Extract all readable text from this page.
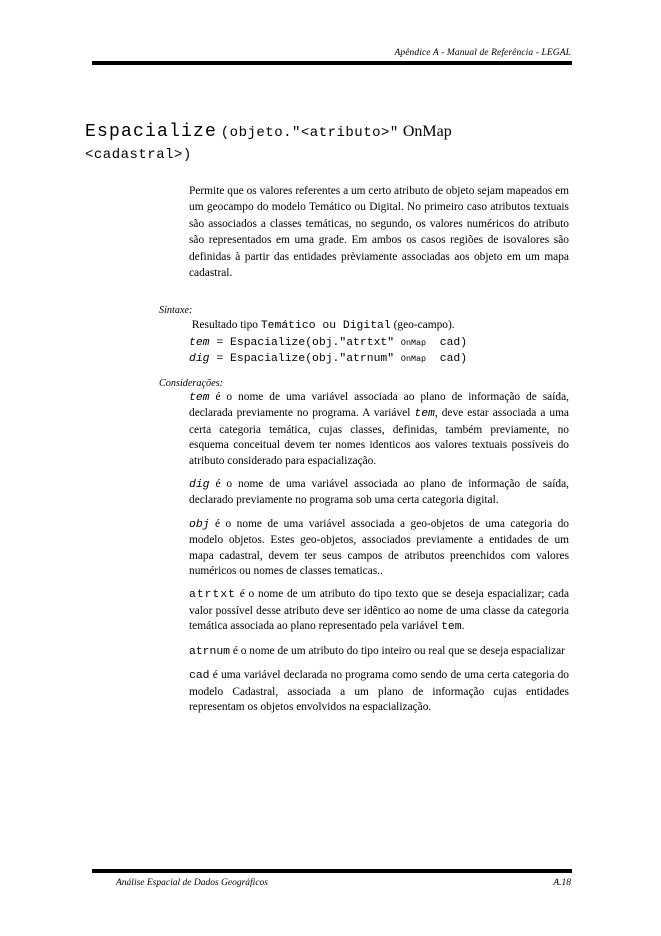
Apêndice A - Manual de Referência - LEGAL
Espacialize (objeto."<atributo>" OnMap
<cadastral>)
Permite que os valores referentes a um certo atributo de objeto sejam mapeados em um geocampo do modelo Temático ou Digital. No primeiro caso atributos textuais são associados a classes temáticas, no segundo, os valores numéricos do atributo são representados em uma grade. Em ambos os casos regiões de isovalores são definidas à partir das entidades prèviamente associadas aos objeto em um mapa cadastral.
Sintaxe:
Resultado tipo Temático ou Digital (geo-campo).
tem = Espacialize(obj."atrtxt" OnMap  cad)
dig = Espacialize(obj."atrnum" OnMap  cad)
Considerações:

tem é o nome de uma variável associada ao plano de informação de saída, declarada previamente no programa. A variável tem, deve estar associada a uma certa categoria temática, cujas classes, definidas, também previamente, no esquema conceitual devem ter nomes identicos aos valores textuais possíveis do atributo considerado para espacialização.

dig é o nome de uma variável associada ao plano de informação de saída, declarado previamente no programa sob uma certa categoria digital.

obj é o nome de uma variável associada a geo-objetos de uma categoria do modelo objetos. Estes geo-objetos, associados previamente a entidades de um mapa cadastral, devem ter seus campos de atributos preenchidos com valores numéricos ou nomes de classes tematicas..

atrtxt é o nome de um atributo do tipo texto que se deseja espacializar; cada valor possível desse atributo deve ser idêntico ao nome de uma classe da categoria temática associada ao plano representado pela variável tem.

atrnum é o nome de um atributo do tipo inteiro ou real que se deseja espacializar

cad é uma variável declarada no programa como sendo de uma certa categoria do modelo Cadastral, associada a um plano de informação cujas entidades representam os objetos envolvidos na espacialização.

Análise Espacial de Dados Geográficos	A.18
